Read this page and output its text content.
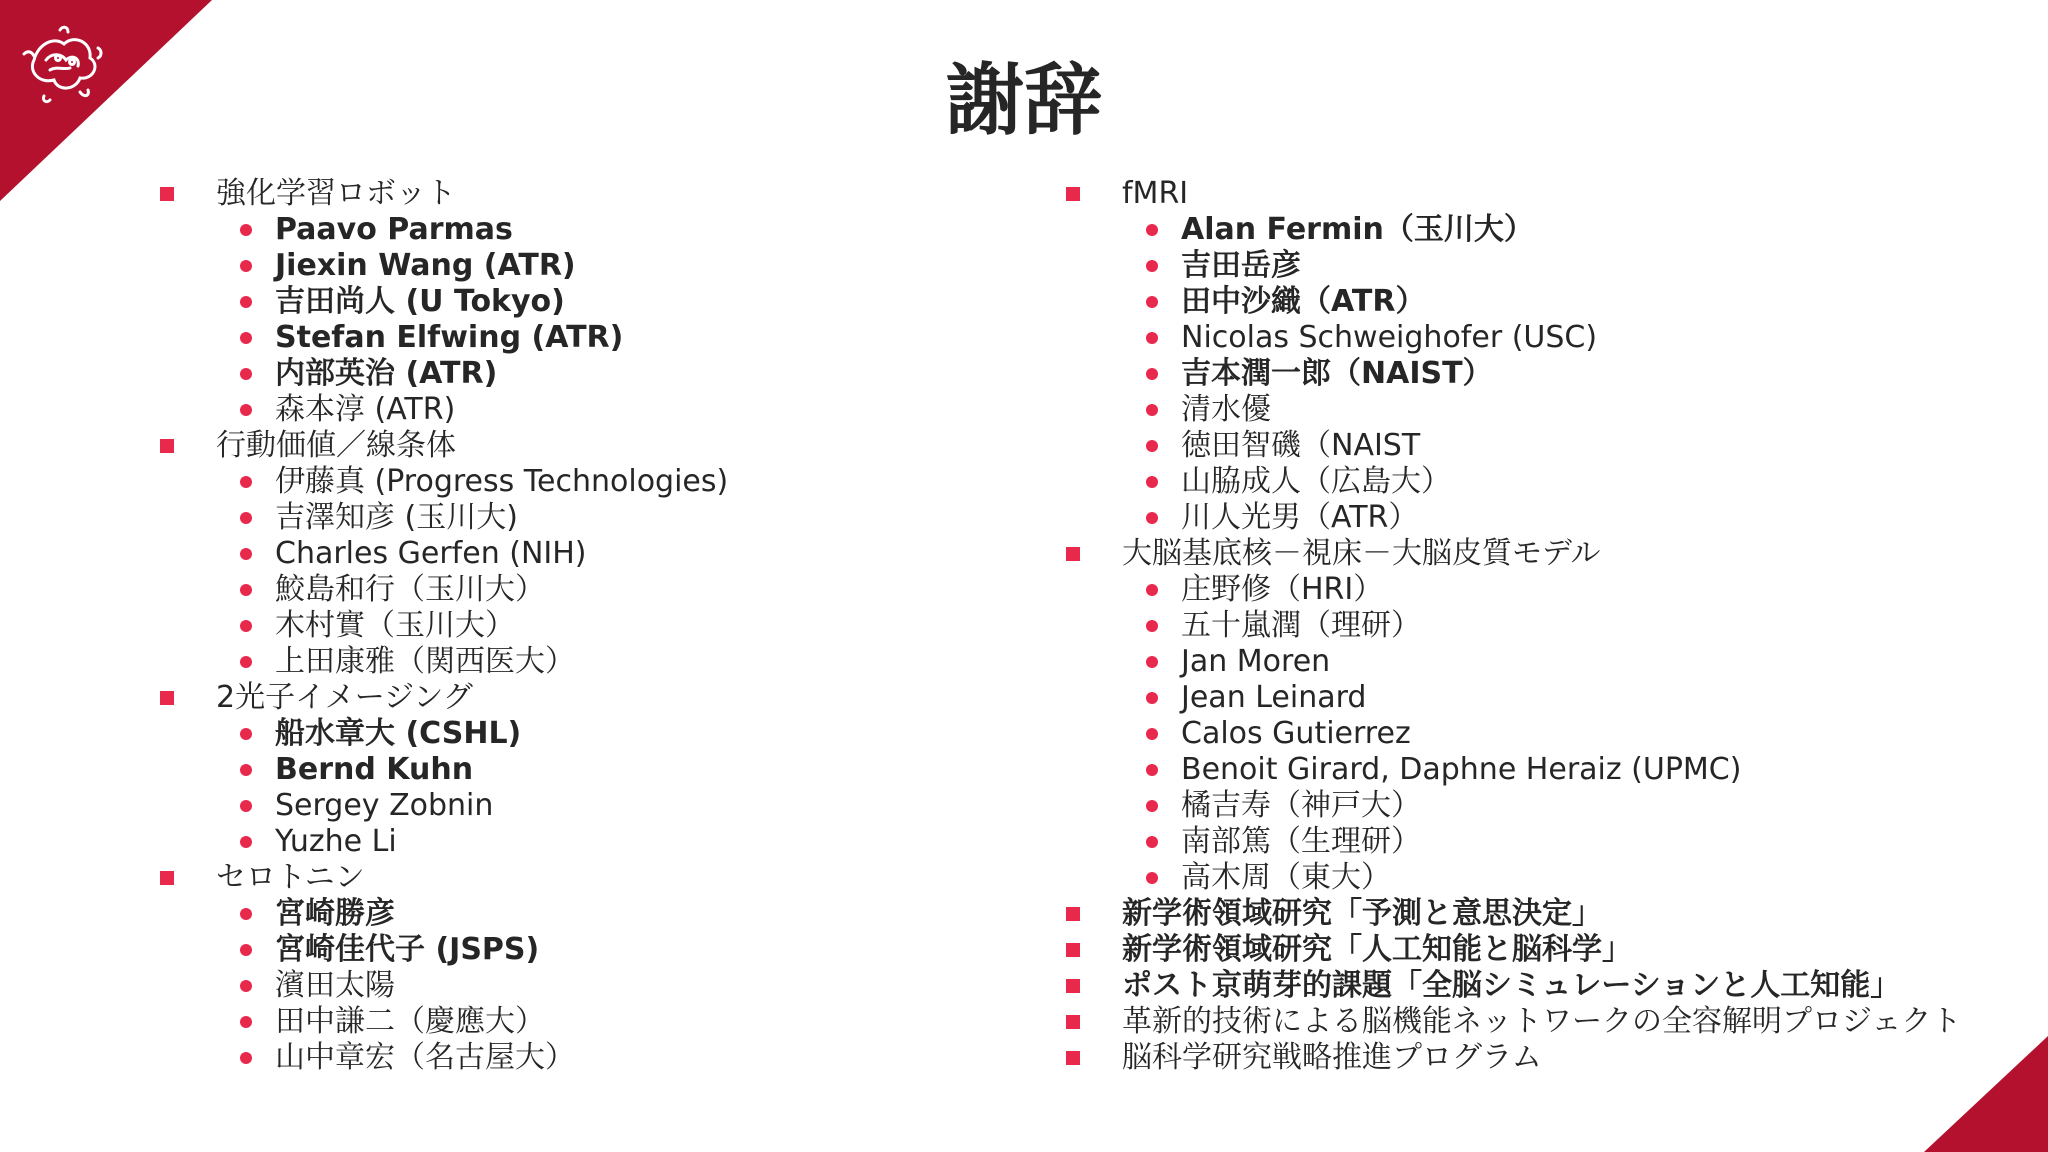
謝辞
強化学習ロボット
Paavo Parmas
Jiexin Wang (ATR)
吉田尚人 (U Tokyo)
Stefan Elfwing (ATR)
内部英治 (ATR)
森本淳 (ATR)
行動価値／線条体
伊藤真 (Progress Technologies)
吉澤知彦 (玉川大)
Charles Gerfen (NIH)
鮫島和行（玉川大）
木村實（玉川大）
上田康雅（関西医大）
2光子イメージング
船水章大 (CSHL)
Bernd Kuhn
Sergey Zobnin
Yuzhe Li
セロトニン
宮崎勝彦
宮崎佳代子 (JSPS)
濱田太陽
田中謙二（慶應大）
山中章宏（名古屋大）
fMRI
Alan Fermin（玉川大）
吉田岳彦
田中沙織（ATR）
Nicolas Schweighofer (USC)
吉本潤一郎（NAIST）
清水優
徳田智磯（NAIST
山脇成人（広島大）
川人光男（ATR）
大脳基底核－視床－大脳皮質モデル
庄野修（HRI）
五十嵐潤（理研）
Jan Moren
Jean Leinard
Calos Gutierrez
Benoit Girard, Daphne Heraiz (UPMC)
橘吉寿（神戸大）
南部篤（生理研）
高木周（東大）
新学術領域研究「予測と意思決定」
新学術領域研究「人工知能と脳科学」
ポスト京萌芽的課題「全脳シミュレーションと人工知能」
革新的技術による脳機能ネットワークの全容解明プロジェクト
脳科学研究戦略推進プログラム
